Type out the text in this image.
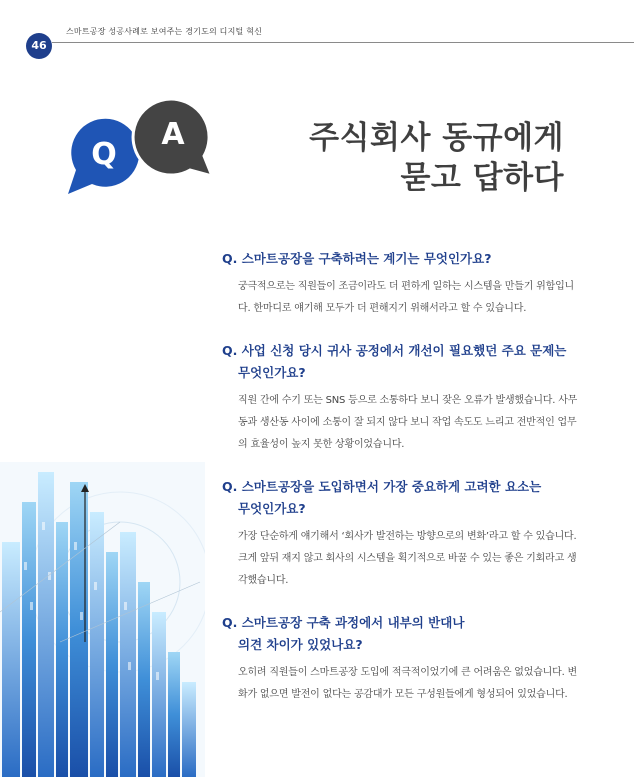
46
스마트공장 성공사례로 보여주는 경기도의 디지털 혁신
Q
A	주식회사 동규에게
묻고 답하다
Q. 스마트공장을 구축하려는 계기는 무엇인가요?
궁극적으로는 직원들이 조금이라도 더 편하게 일하는 시스템을 만들기 위함입니다. 한마디로 얘기해 모두가 더 편해지기 위해서라고 할 수 있습니다.
Q. 사업 신청 당시 귀사 공정에서 개선이 필요했던 주요 문제는
무엇인가요?
직원 간에 수기 또는 SNS 등으로 소통하다 보니 잦은 오류가 발생했습니다. 사무동과 생산동 사이에 소통이 잘 되지 않다 보니 작업 속도도 느리고 전반적인 업무의 효율성이 높지 못한 상황이었습니다.
Q. 스마트공장을 도입하면서 가장 중요하게 고려한 요소는
무엇인가요?
가장 단순하게 얘기해서 ‘회사가 발전하는 방향으로의 변화’라고 할 수 있습니다. 크게 앞뒤 재지 않고 회사의 시스템을 획기적으로 바꿀 수 있는 좋은 기회라고 생각했습니다.
Q. 스마트공장 구축 과정에서 내부의 반대나
의견 차이가 있었나요?
오히려 직원들이 스마트공장 도입에 적극적이었기에 큰 어려움은 없었습니다. 변화가 없으면 발전이 없다는 공감대가 모든 구성원들에게 형성되어 있었습니다.
